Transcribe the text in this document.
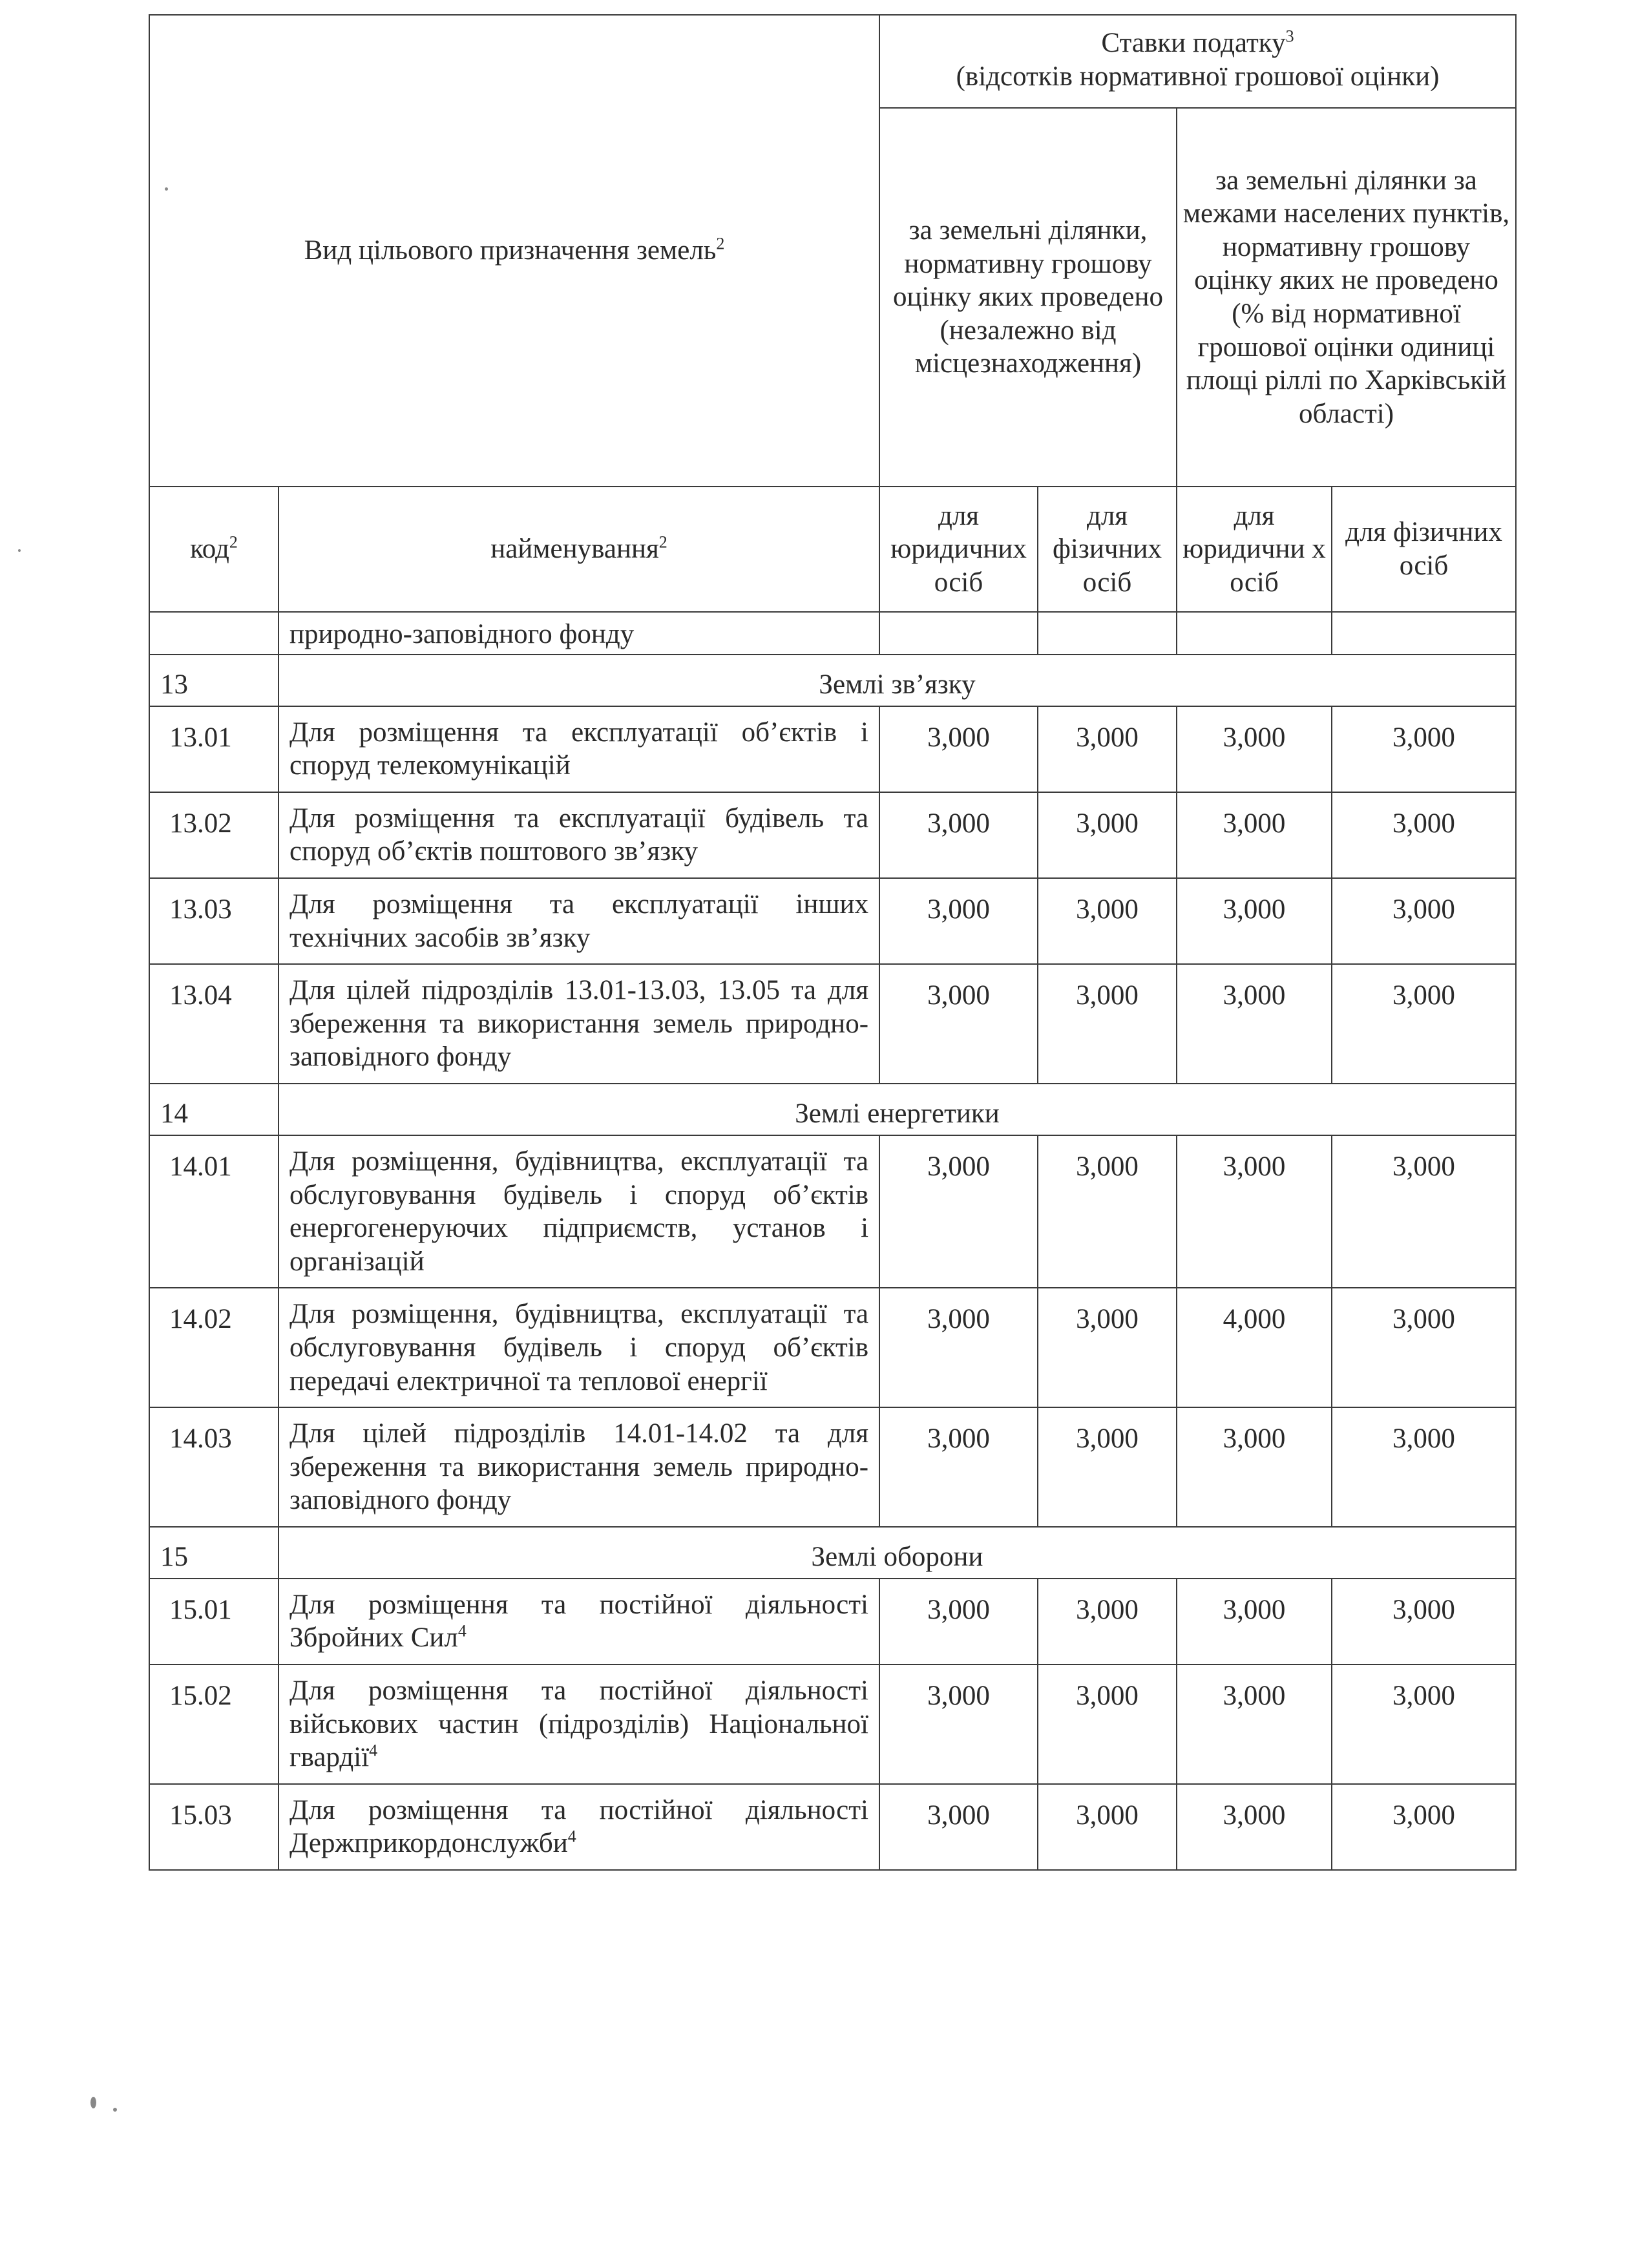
Вид цільового призначення земель$^2$		Ставки податку$^3$
(відсотків нормативної грошової оцінки)			
		за земельні ділянки, нормативну грошову оцінку яких проведено (незалежно від місцезнаходження)		за земельні ділянки за межами населених пунктів, нормативну грошову оцінку яких не проведено (% від нормативної грошової оцінки одиниці площі ріллі по Харківській області)	
код$^2$	найменування$^2$	для юридичних осіб	для фізичних осіб	для юридични х осіб	для фізичних осіб
	природно-заповідного фонду				
13	Землі зв’язку				
13.01	Для розміщення та експлуатації об’єктів і споруд телекомунікацій	3,000	3,000	3,000	3,000
13.02	Для розміщення та експлуатації будівель та споруд об’єктів поштового зв’язку	3,000	3,000	3,000	3,000
13.03	Для розміщення та експлуатації інших технічних засобів зв’язку	3,000	3,000	3,000	3,000
13.04	Для цілей підрозділів 13.01-13.03, 13.05 та для збереження та використання земель природно-заповідного фонду	3,000	3,000	3,000	3,000
14	Землі енергетики				
14.01	Для розміщення, будівництва, експлуатації та обслуговування будівель і споруд об’єктів енергогенеруючих підприємств, установ і організацій	3,000	3,000	3,000	3,000
14.02	Для розміщення, будівництва, експлуатації та обслуговування будівель і споруд об’єктів передачі електричної та теплової енергії	3,000	3,000	4,000	3,000
14.03	Для цілей підрозділів 14.01-14.02 та для збереження та використання земель природно-заповідного фонду	3,000	3,000	3,000	3,000
15	Землі оборони				
15.01	Для розміщення та постійної діяльності Збройних Сил$^4$	3,000	3,000	3,000	3,000
15.02	Для розміщення та постійної діяльності військових частин (підрозділів) Національної гвардії$^4$	3,000	3,000	3,000	3,000
15.03	Для розміщення та постійної діяльності Держприкордонслужби$^4$	3,000	3,000	3,000	3,000
